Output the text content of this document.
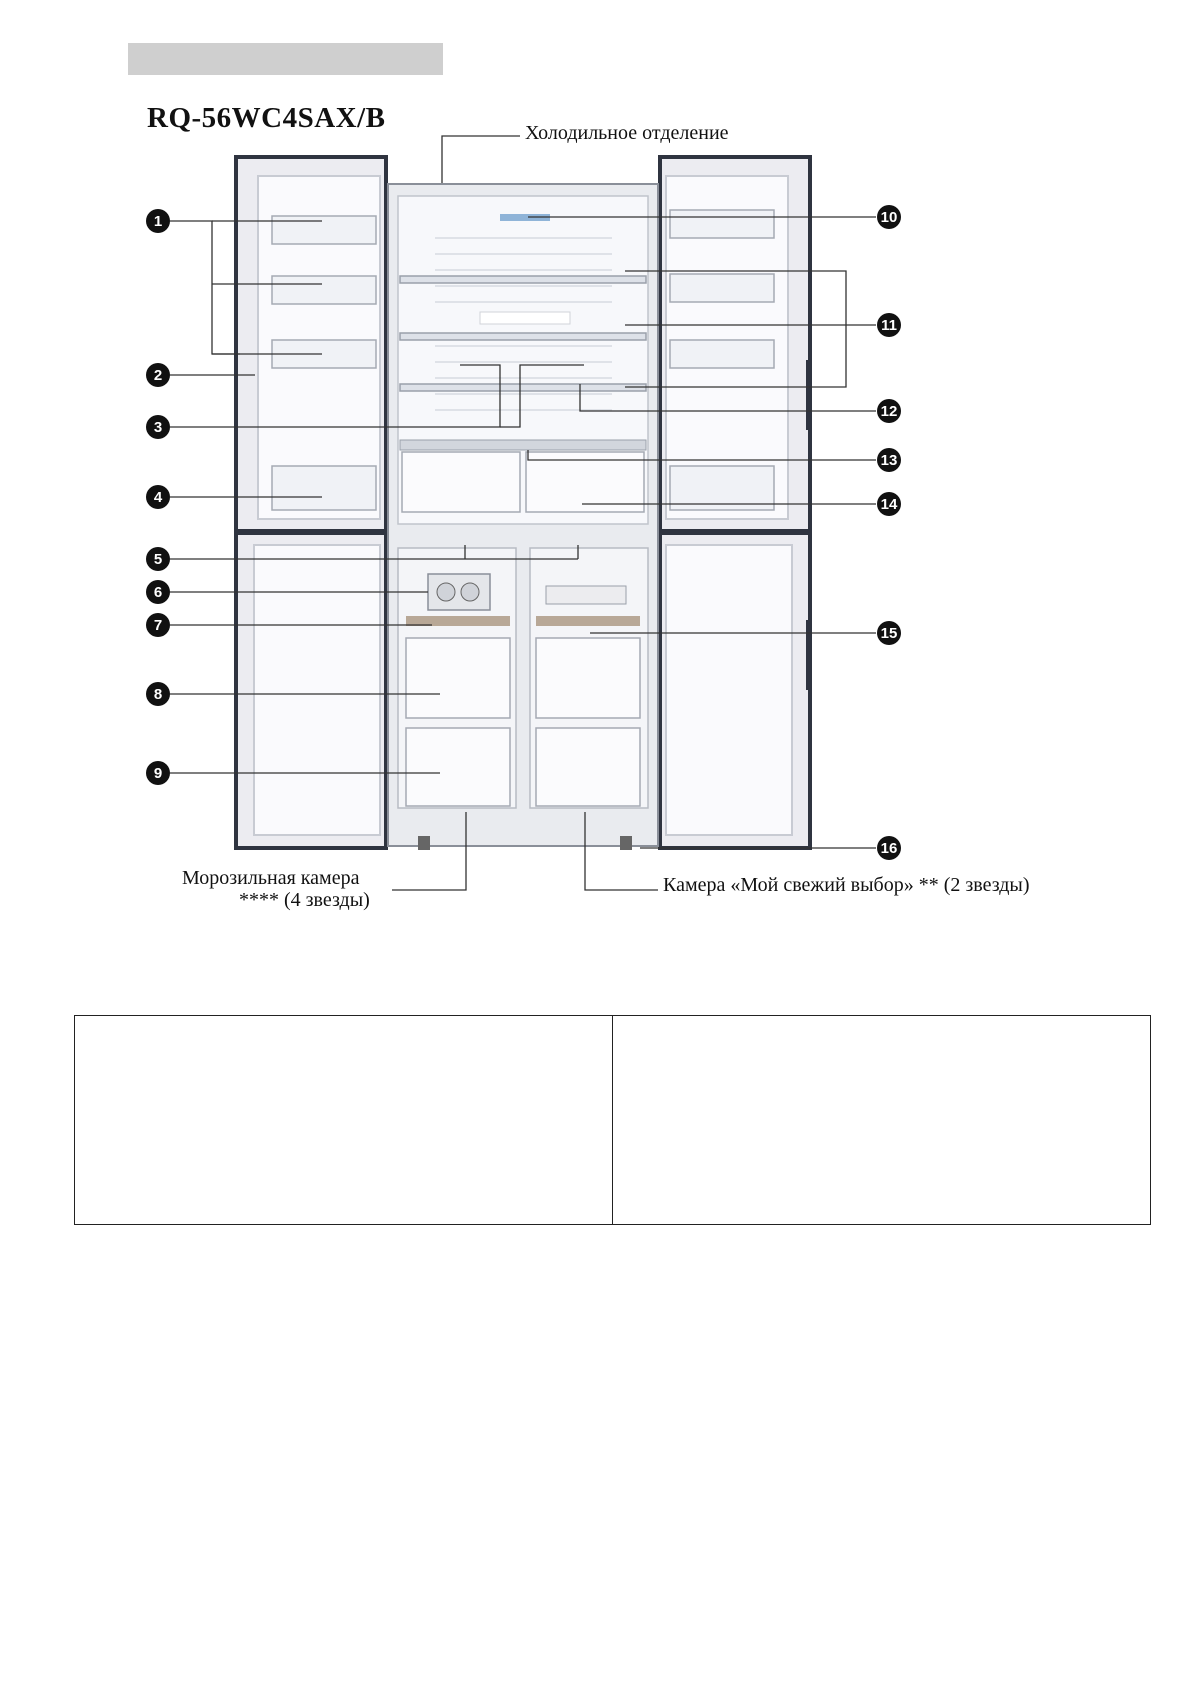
RQ-56WC4SAX/B	Холодильное отделение
Морозильная камера
**** (4 звезды)
Камера «Мой свежий выбор» ** (2 звезды)
1
2
3
4
5
6
7
8
9
10
11
12
13
14
15
16
